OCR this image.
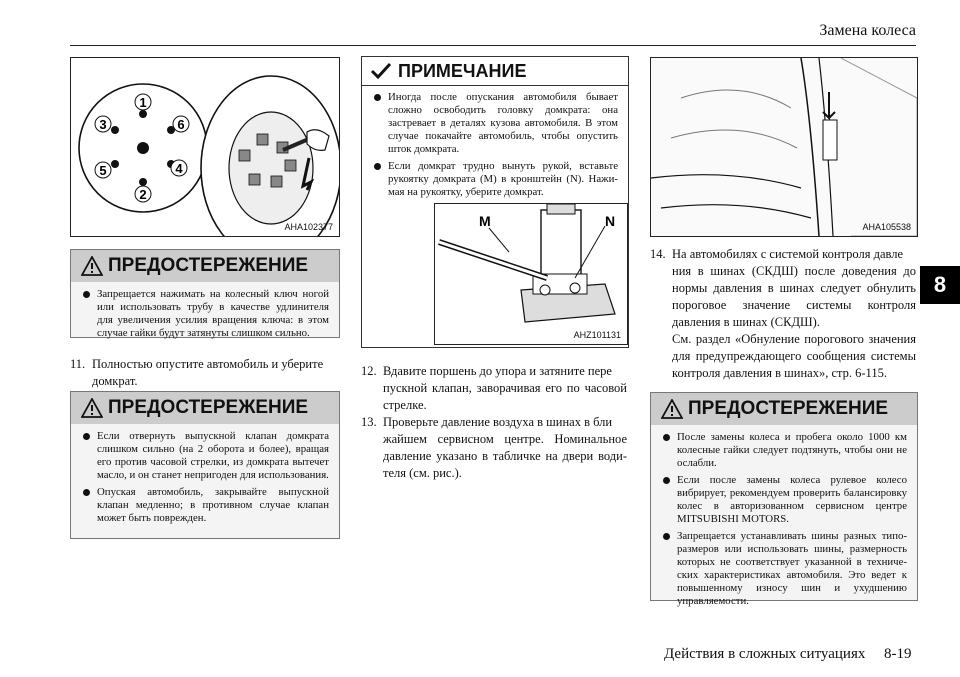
Замена колеса
8
1
2
3
4
5
6
AHA102377
ПРЕДОСТЕРЕЖЕНИЕ
Запрещается нажимать на колесный ключ ногой или использовать трубу в качестве удлинителя для увеличения усилия вращения ключа: в этом случае гайки будут затянуты слишком сильно.
11. Полностью опустите автомобиль и уберите
домкрат.
ПРЕДОСТЕРЕЖЕНИЕ
Если отвернуть выпускной клапан домкрата слишком сильно (на 2 оборота и более), вращая его против часовой стрелки, из домкрата вытечет масло, и он станет непригоден для использования.
Опуская автомобиль, закрывайте выпускной клапан медленно; в противном случае клапан может быть поврежден.
ПРИМЕЧАНИЕ
Иногда после опускания автомобиля бывает сложно освободить головку домкрата: она застревает в деталях кузова автомобиля. В этом случае покачайте автомобиль, чтобы опустить шток домкрата.
Если домкрат трудно вынуть рукой, вставьте рукоятку домкрата (M) в кронштейн (N). Нажимая на рукоятку, уберите домкрат.
M	N
AHZ101131
12. Вдавите поршень до упора и затяните пере
пускной клапан, заворачивая его по часовой стрелке.
13. Проверьте давление воздуха в шинах в бли
жайшем сервисном центре. Номинальное давление указано в табличке на двери водителя (см. рис.).
AHA105538
14. На автомобилях с системой контроля давле
ния в шинах (СКДШ) после доведения до нормы давления в шинах следует обнулить пороговое значение системы контроля давления в шинах (СКДШ).
См. раздел «Обнуление порогового значения для предупреждающего сообщения системы контроля давления в шинах», стр. 6-115.
ПРЕДОСТЕРЕЖЕНИЕ
После замены колеса и пробега около 1000 км колесные гайки следует подтянуть, чтобы они не ослабли.
Если после замены колеса рулевое колесо вибрирует, рекомендуем проверить балансировку колес в авторизованном сервисном центре MITSUBISHI MOTORS.
Запрещается устанавливать шины разных типоразмеров или использовать шины, размерность которых не соответствует указанной в технических характеристиках автомобиля. Это ведет к повышенному износу шин и ухудшению управляемости.
Действия в сложных ситуациях 8-19
